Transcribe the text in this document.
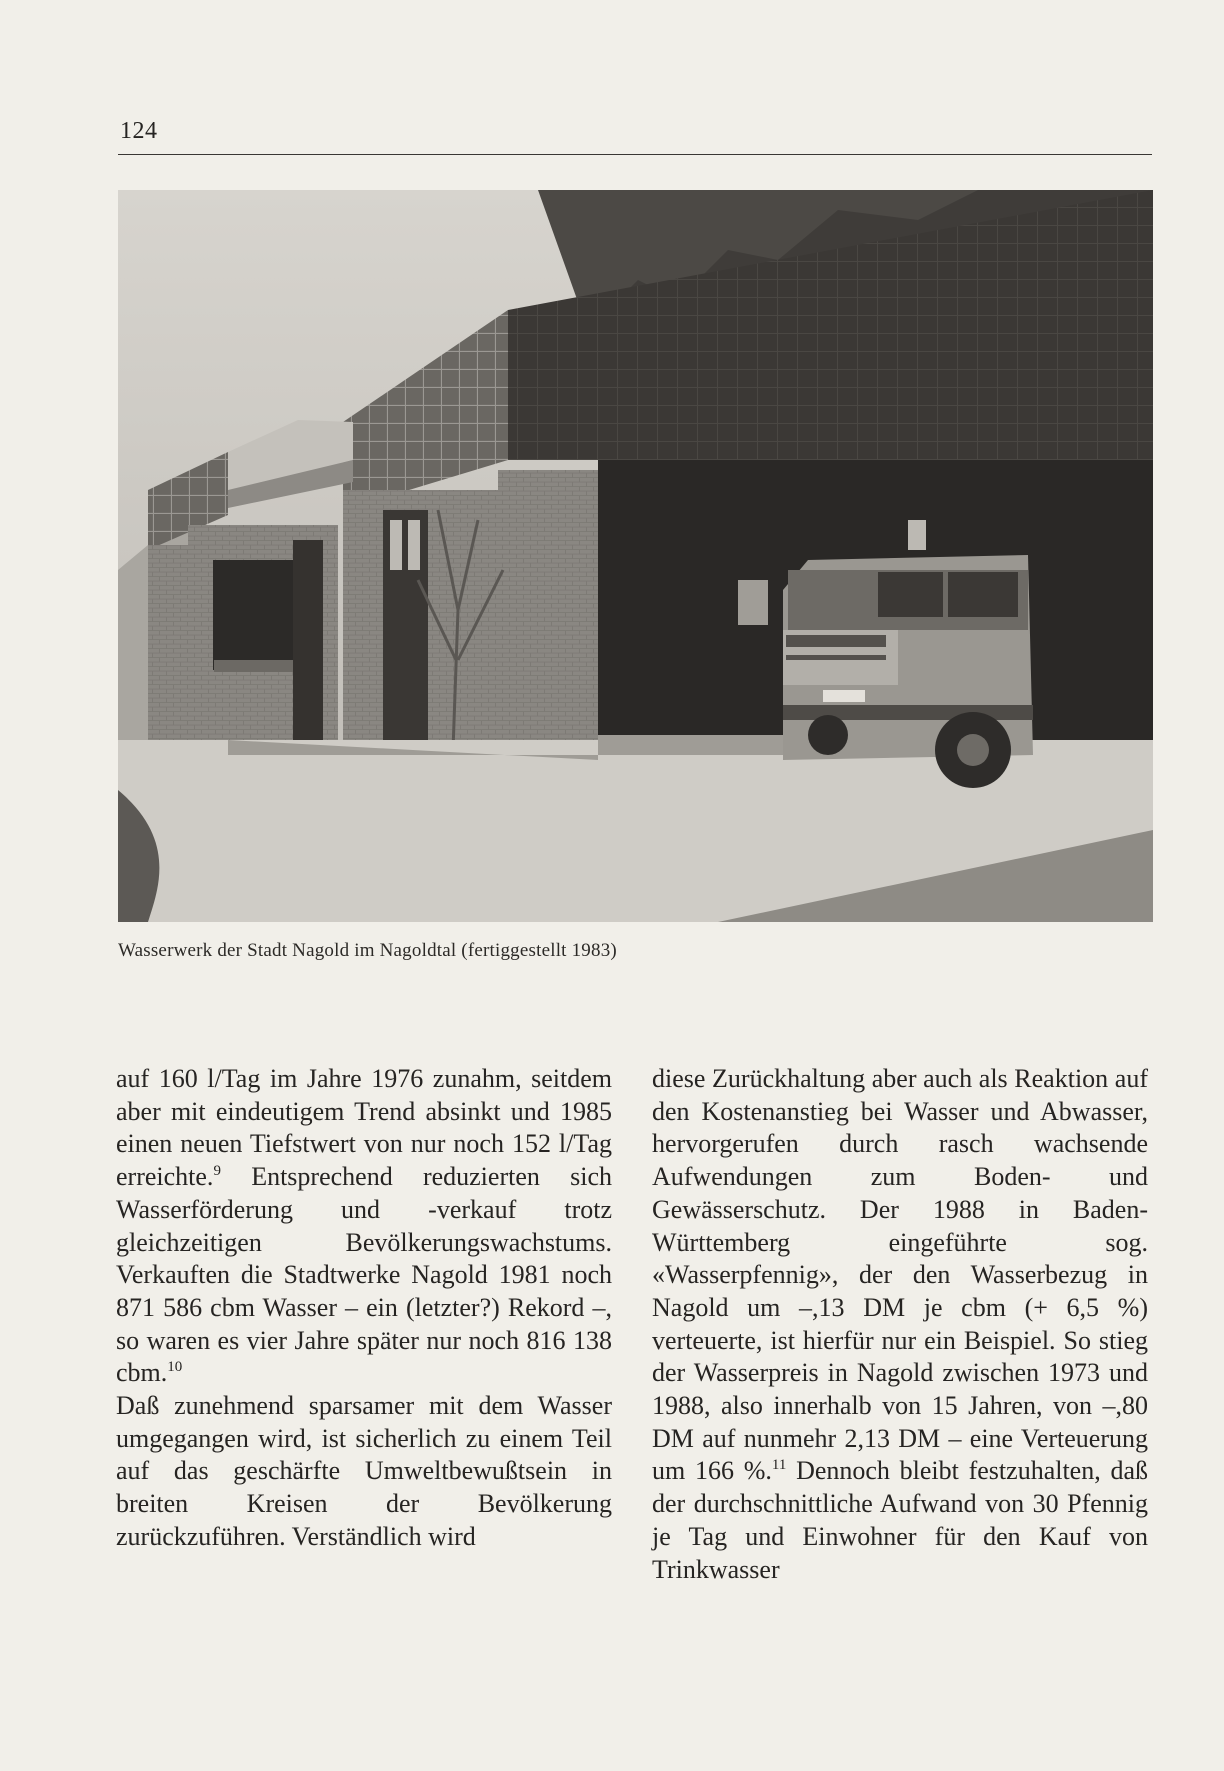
124
Wasserwerk der Stadt Nagold im Nagoldtal (fertiggestellt 1983)

auf 160 l/Tag im Jahre 1976 zunahm, seitdem aber mit eindeutigem Trend absinkt und 1985 einen neuen Tiefstwert von nur noch 152 l/Tag erreichte.$^9$ Entsprechend reduzierten sich Wasserförderung und -verkauf trotz gleichzeitigen Bevölkerungswachstums. Verkauften die Stadtwerke Nagold 1981 noch 871 586 cbm Wasser – ein (letzter?) Rekord –, so waren es vier Jahre später nur noch 816 138 cbm.$^{10}$

Daß zunehmend sparsamer mit dem Wasser umgegangen wird, ist sicherlich zu einem Teil auf das geschärfte Umweltbewußtsein in breiten Kreisen der Bevölkerung zurückzuführen. Verständlich wird

diese Zurückhaltung aber auch als Reaktion auf den Kostenanstieg bei Wasser und Abwasser, hervorgerufen durch rasch wachsende Aufwendungen zum Boden- und Gewässerschutz. Der 1988 in Baden-Württemberg eingeführte sog. «Wasserpfennig», der den Wasserbezug in Nagold um –,13 DM je cbm (+ 6,5 %) verteuerte, ist hierfür nur ein Beispiel. So stieg der Wasserpreis in Nagold zwischen 1973 und 1988, also innerhalb von 15 Jahren, von –,80 DM auf nunmehr 2,13 DM – eine Verteuerung um 166 %.$^{11}$ Dennoch bleibt festzuhalten, daß der durchschnittliche Aufwand von 30 Pfennig je Tag und Einwohner für den Kauf von Trinkwasser
